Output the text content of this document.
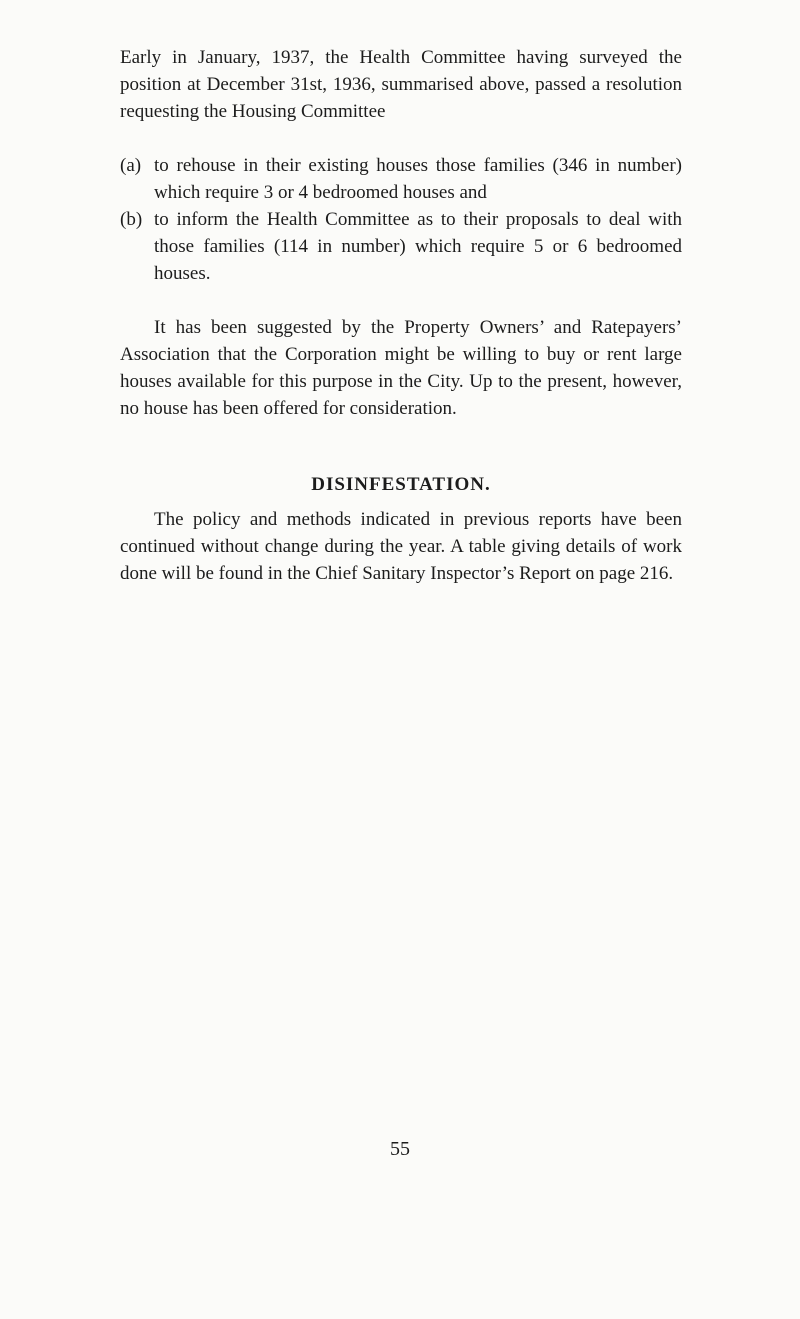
Early in January, 1937, the Health Committee having surveyed the position at December 31st, 1936, summarised above, passed a resolution requesting the Housing Committee

(a) to rehouse in their existing houses those families (346 in number) which require 3 or 4 bedroomed houses and
(b) to inform the Health Committee as to their proposals to deal with those families (114 in number) which require 5 or 6 bedroomed houses.

It has been suggested by the Property Owners’ and Ratepayers’ Association that the Corporation might be willing to buy or rent large houses available for this purpose in the City. Up to the present, however, no house has been offered for consideration.

DISINFESTATION.

The policy and methods indicated in previous reports have been continued without change during the year. A table giving details of work done will be found in the Chief Sanitary Inspector’s Report on page 216.

55
